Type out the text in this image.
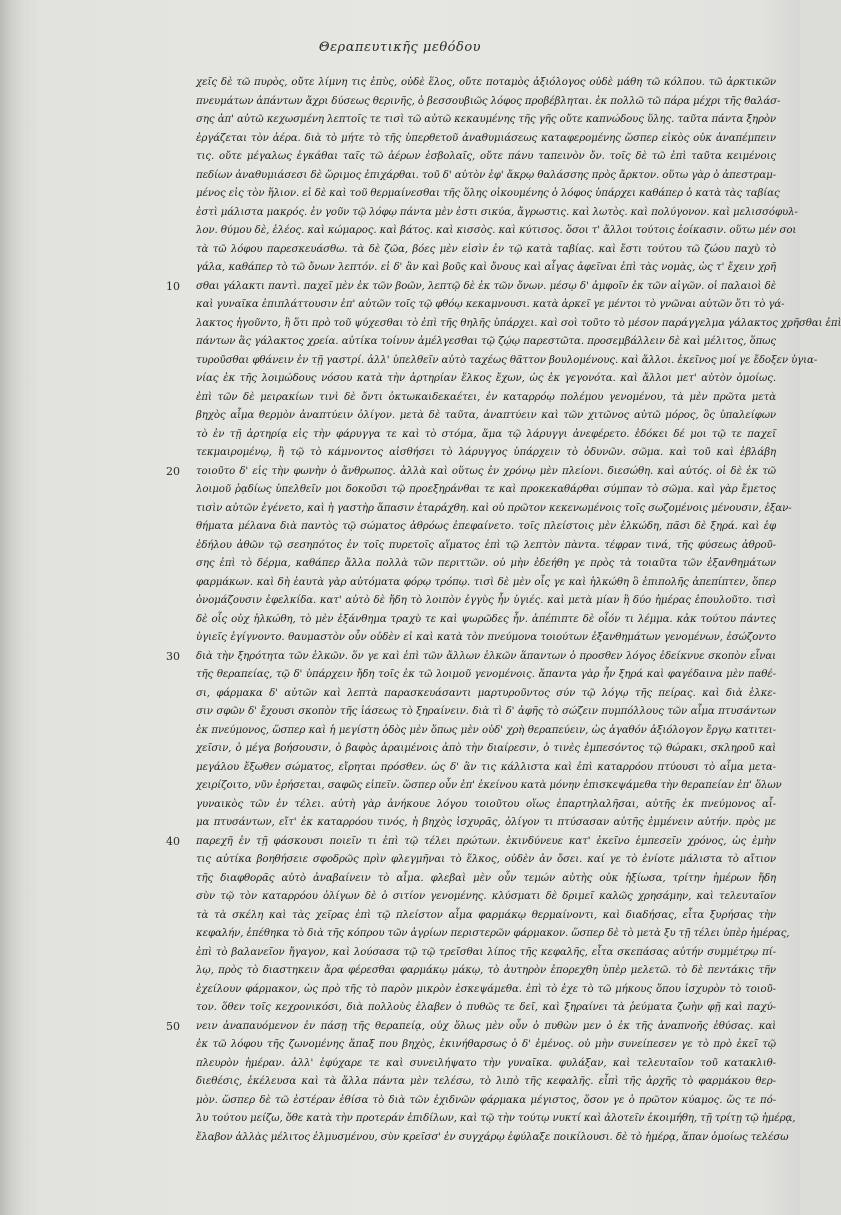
Θεραπευτικῆς μεθόδου
χεῖς δὲ τῶ πυρὸς, οὔτε λίμνη τις ἐπὺς, οὐδὲ ἕλος, οὔτε ποταμὸς ἀξιόλογος οὐδὲ μάθη τῶ κόλπου. τῶ ἀρκτικῶν
πνευμάτων ἀπάντων ἄχρι δύσεως θερινῆς, ὁ βεσσουβιῶς λόφος προβέβληται. ἐκ πολλῶ τῶ πάρα μέχρι τῆς θαλάσ-
σης ἀπ' αὐτῶ κεχωσμένη λεπτοῖς τε τισὶ τῶ αὐτῶ κεκαυμένης τῆς γῆς οὔτε καπνώδους ὕλης. ταῦτα πάντα ξηρὸν
ἐργάζεται τὸν ἀέρα. διὰ τὸ μήτε τὸ τῆς ὑπερθετοῦ ἀναθυμιάσεως καταφερομένης ὥσπερ εἰκὸς οὐκ ἀναπέμπειν
τις. οὔτε μέγαλως ἐγκάθαι ταῖς τῶ ἀέρων ἐσβολαῖς, οὔτε πάνυ ταπεινὸν ὄν. τοῖς δὲ τῶ ἐπὶ ταῦτα κειμένοις
πεδίων ἀναθυμιάσεσι δὲ ὥριμος ἐπιχάρθαι. τοῦ δ' αὐτὸν ἐφ' ἄκρῳ θαλάσσης πρὸς ἄρκτον. οὕτω γὰρ ὁ ἀπεστραμ-
μένος εἰς τὸν ἥλιον. εἰ δὲ καὶ τοῦ θερμαίνεσθαι τῆς ὅλης οἰκουμένης ὁ λόφος ὑπάρχει καθάπερ ὁ κατὰ τὰς ταβίας
ἐστὶ μάλιστα μακρός. ἐν γοῦν τῷ λόφῳ πάντα μὲν ἐστι σικύα, ἄγρωστις. καὶ λωτὸς. καὶ πολύγονον. καὶ μελισσόφυλ-
λον. θύμου δὲ, ἐλέος. καὶ κώμαρος. καὶ βάτος. καὶ κισσὸς. καὶ κύτισος. ὅσοι τ' ἄλλοι τούτοις ἐοίκασιν. οὕτω μέν σοι
τὰ τῶ λόφου παρεσκευάσθω. τὰ δὲ ζῶα, βόες μὲν εἰσὶν ἐν τῷ κατὰ ταβίας. καὶ ἔστι τούτου τῶ ζώου παχὺ τὸ
γάλα, καθάπερ τὸ τῶ ὄνων λεπτόν. εἰ δ' ἂν καὶ βοῦς καὶ ὄνους καὶ αἶγας ἀφεῖναι ἐπὶ τὰς νομὰς, ὡς τ' ἔχειν χρῆ
σθαι γάλακτι παντὶ. παχεῖ μὲν ἐκ τῶν βοῶν, λεπτῷ δὲ ἐκ τῶν ὄνων. μέσῳ δ' ἀμφοῖν ἐκ τῶν αἰγῶν. οἱ παλαιοὶ δὲ
καὶ γυναῖκα ἐπιπλάττουσιν ἐπ' αὐτῶν τοῖς τῷ φθόῳ κεκαμνουσι. κατὰ ἀρκεῖ γε μέντοι τὸ γνῶναι αὐτῶν ὅτι τὸ γά-
λακτος ἡγοῦντο, ἢ ὅτι πρὸ τοῦ ψύχεσθαι τὸ ἐπὶ τῆς θηλῆς ὑπάρχει. καὶ σοὶ τοῦτο τὸ μέσον παράγγελμα γάλακτος χρῆσθαι ἐπὶ
πάντων ἃς γάλακτος χρεία. αὐτίκα τοίνυν ἀμέλγεσθαι τῷ ζῴῳ παρεστῶτα. προσεμβάλλειν δὲ καὶ μέλιτος, ὅπως
τυροῦσθαι φθάνειν ἐν τῇ γαστρί. ἀλλ' ὑπελθεῖν αὐτὸ ταχέως θᾶττον βουλομένους. καὶ ἄλλοι. ἐκεῖνος μοί γε ἔδοξεν ὑγια-
νίας ἐκ τῆς λοιμώδους νόσου κατὰ τὴν ἀρτηρίαν ἕλκος ἔχων, ὡς ἐκ γεγονότα. καὶ ἄλλοι μετ' αὐτὸν ὁμοίως.
ἐπὶ τῶν δὲ μειρακίων τινὶ δὲ ὄντι ὀκτωκαιδεκαέτει, ἐν καταρρόῳ πολέμου γενομένου, τὰ μὲν πρῶτα μετὰ
βηχὸς αἷμα θερμὸν ἀναπτύειν ὀλίγον. μετὰ δὲ ταῦτα, ἀναπτύειν καὶ τῶν χιτῶνος αὐτῶ μόρος, ὃς ὑπαλείφων
τὸ ἐν τῇ ἀρτηρίᾳ εἰς τὴν φάρυγγα τε καὶ τὸ στόμα, ἅμα τῷ λάρυγγι ἀνεφέρετο. ἐδόκει δέ μοι τῷ τε παχεῖ
τεκμαιρομένῳ, ἢ τῷ τὸ κάμνοντος αἰσθήσει τὸ λάρυγγος ὑπάρχειν τὸ ὀδυνῶν. σῶμα. καὶ τοῦ καὶ ἐβλάβη
τοιοῦτο δ' εἰς τὴν φωνὴν ὁ ἄνθρωπος. ἀλλὰ καὶ οὕτως ἐν χρόνῳ μὲν πλείονι. διεσώθη. καὶ αὐτός. οἱ δὲ ἐκ τῶ
λοιμοῦ ῥᾳδίως ὑπελθεῖν μοι δοκοῦσι τῷ προεξηράνθαι τε καὶ προκεκαθάρθαι σύμπαν τὸ σῶμα. καὶ γὰρ ἔμετος
τισὶν αὐτῶν ἐγένετο, καὶ ἡ γαστὴρ ἅπασιν ἐταράχθη. καὶ οὐ πρῶτον κεκενωμένοις τοῖς σωζομένοις μένουσιν, ἐξαν-
θήματα μέλανα διὰ παντὸς τῷ σώματος ἀθρόως ἐπεφαίνετο. τοῖς πλείστοις μὲν ἑλκώδη, πᾶσι δὲ ξηρά. καὶ ἐφ
ἐδήλου ἀθῶν τῷ σεσηπότος ἐν τοῖς πυρετοῖς αἵματος ἐπὶ τῷ λεπτὸν πὰντα. τέφραν τινά, τῆς φύσεως ἀθροῦ-
σης ἐπὶ τὸ δέρμα, καθάπερ ἄλλα πολλὰ τῶν περιττῶν. οὐ μὴν ἐδεήθη γε πρὸς τὰ τοιαῦτα τῶν ἐξανθημάτων
φαρμάκων. καὶ δὴ ἑαυτὰ γὰρ αὐτόματα φόρῳ τρόπῳ. τισὶ δὲ μὲν οἷς γε καὶ ἡλκώθη ὃ ἐπιπολῆς ἀπεπίπτεν, ὅπερ
ὀνομάζουσιν ἐφελκίδα. κατ' αὐτὸ δὲ ἤδη τὸ λοιπὸν ἐγγὺς ἦν ὑγιές. καὶ μετὰ μίαν ἢ δύο ἡμέρας ἐπουλοῦτο. τισὶ
δὲ οἷς οὐχ ἡλκώθη, τὸ μὲν ἐξάνθημα τραχὺ τε καὶ ψωρῶδες ἦν. ἀπέπιπτε δὲ οἷόν τι λέμμα. κἀκ τούτου πάντες
ὑγιεῖς ἐγίγνοντο. θαυμαστὸν οὖν οὐδὲν εἰ καὶ κατὰ τὸν πνεύμονα τοιούτων ἐξανθημάτων γενομένων, ἐσώζοντο
διὰ τὴν ξηρότητα τῶν ἑλκῶν. ὅν γε καὶ ἐπὶ τῶν ἄλλων ἑλκῶν ἅπαντων ὁ προσθεν λόγος ἐδείκνυε σκοπὸν εἶναι
τῆς θεραπείας, τῷ δ' ὑπάρχειν ἤδη τοῖς ἐκ τῶ λοιμοῦ γενομένοις. ἅπαντα γὰρ ἦν ξηρά καὶ φαγέδαινα μὲν παθέ-
σι, φάρμακα δ' αὐτῶν καὶ λεπτὰ παρασκευάσαντι μαρτυροῦντος σύν τῷ λόγῳ τῆς πείρας. καὶ διὰ ἑλκε-
σιν σφῶν δ' ἔχουσι σκοπὸν τῆς ἰάσεως τὸ ξηραίνειν. διὰ τὶ δ' ἀφῆς τὸ σώζειν πυμπόλλους τῶν αἷμα πτυσάντων
ἐκ πνεύμονος, ὥσπερ καὶ ἡ μεγίστη ὁδὸς μὲν ὅπως μὲν οὐδ' χρὴ θεραπεύειν, ὡς ἀγαθόν ἀξιόλογον ἔργῳ κατιτει-
χεῖσιν, ὁ μέγα βοήσουσιν, ὁ βαφὸς ἀραιμένοις ἀπὸ τὴν διαίρεσιν, ὁ τινὲς ἐμπεσόντος τῷ θώρακι, σκληροῦ καὶ
μεγάλου ἔξωθεν σώματος, εἴρηται πρόσθεν. ὡς δ' ἂν τις κάλλιστα καὶ ἐπὶ καταρρόου πτύουσι τὸ αἷμα μετα-
χειρίζοιτο, νῦν ἐρήσεται, σαφῶς εἰπεῖν. ὥσπερ οὖν ἐπ' ἐκείνου κατὰ μόνην ἐπισκεψάμεθα τὴν θεραπείαν ἐπ' ὅλων
γυναικὸς τῶν ἐν τέλει. αὐτὴ γὰρ ἀνήκουε λόγου τοιοῦτου οἵως ἐπαρτηλαλῆσαι, αὐτῆς ἐκ πνεύμονος αἷ-
μα πτυσάντων, εἴτ' ἐκ καταρρόου τινός, ἡ βηχὸς ἰσχυρᾶς, ὀλίγον τι πτύσασαν αὐτῆς ἐμμένειν αὐτήν. πρὸς με
παρεχῆ ἐν τῇ φάσκουσι ποιεῖν τι ἐπὶ τῷ τέλει πρώτων. ἐκινδύνευε κατ' ἐκεῖνο ἐμπεσεῖν χρόνος, ὡς ἐμὴν
τις αὐτίκα βοηθήσειε σφοδρῶς πρὶν φλεγμῆναι τὸ ἕλκος, οὐδὲν ἀν ὄσει. καί γε τὸ ἐνίοτε μάλιστα τὸ αἴτιον
τῆς διαφθορᾶς αὐτὸ ἀναβαίνειν τὸ αἷμα. φλεβαὶ μὲν οὖν τεμών αὐτὴς οὐκ ἠξίωσα, τρίτην ἡμέρων ἤδη
σὺν τῷ τὸν καταρρόου ὀλίγων δὲ ὁ σιτίον γενομένης. κλύσματι δὲ δριμεῖ καλῶς χρησάμην, καὶ τελευταῖον
τὰ τὰ σκέλη καὶ τὰς χεῖρας ἐπὶ τῷ πλείστον αἷμα φαρμάκῳ θερμαίνοντι, καὶ διαδήσας, εἶτα ξυρήσας τὴν
κεφαλήν, ἐπέθηκα τὸ διὰ τῆς κόπρου τῶν ἀγρίων περιστερῶν φάρμακον. ὥσπερ δὲ τὸ μετὰ ξυ τῇ τέλει ὑπὲρ ἡμέρας,
ἐπὶ τὸ βαλανεῖον ἤγαγον, καὶ λούσασα τῷ τῷ τρεῖσθαι λίπος τῆς κεφαλῆς, εἶτα σκεπάσας αὐτήν συμμέτρῳ πί-
λῳ, πρὸς τὸ διαστηκειν ἄρα φέρεσθαι φαρμάκῳ μάκῳ, τὸ ἀυτηρὸν ἐπορεχθη ὑπὲρ μελετῶ. τὸ δὲ πεντάκις τῆν
ἐχείλουν φάρμακον, ὡς πρὸ τῆς τὸ παρὸν μικρὸν ἐσκεψάμεθα. ἐπὶ τὸ ἐχε τὸ τῶ μήκους ὅπου ἰσχυρὸν τὸ τοιοῦ-
τον. ὅθεν τοῖς κεχρονικόσι, διὰ πολλοὺς ἐλαβεν ὁ πυθῶς τε δεῖ, καὶ ξηραίνει τὰ ῥεύματα ζωὴν φῇ καὶ παχύ-
νειν ἀναπαυόμενον ἐν πάσῃ τῆς θεραπείᾳ, οὐχ ὅλως μὲν οὖν ὁ πυθὼν μεν ὁ ἐκ τῆς ἀναπνοῆς ἐθύσας. καὶ
ἐκ τῶ λόφου τῆς ζωνομένης ἅπαξ που βηχὸς, ἐκινήθαρσως ὁ δ' ἐμένος. οὐ μὴν συνείπεσεν γε τὸ πρὸ ἐκεῖ τῷ
πλευρὸν ἡμέραν. ἀλλ' ἐφύχαρε τε καὶ συνειλήψατο τὴν γυναῖκα. φυλάξαν, καὶ τελευταῖον τοῦ κατακλιθ-
διεθέσις, ἐκέλευσα καὶ τὰ ἄλλα πάντα μὲν τελέσω, τὸ λιπὸ τῆς κεφαλῆς. εἶπὶ τῆς ἀρχῆς τὸ φαρμάκου θερ-
μὸν. ὥσπερ δὲ τῶ ἐστέραν ἐθίσα τὸ διὰ τῶν ἐχιδνῶν φάρμακα μέγιστος, ὅσον γε ὁ πρῶτον κύαμος. ὥς τε πό-
λυ τούτου μείζω, ὅθε κατὰ τὴν προτεράν ἐπιδίλων, καὶ τῷ τὴν τούτῳ νυκτί καὶ ἀλοτεῖν ἐκοιμήθη, τῇ τρίτῃ τῷ ἡμέρᾳ,
ἔλαβον ἀλλὰς μέλιτος ἐλμυσμένου, σὺν κρεῖσσ' ἐν συγχάρῳ ἐφύλαξε ποικίλουσι. δὲ τὸ ἡμέρᾳ, ἅπαν ὁμοίως τελέσω
10
20
30
40
50
